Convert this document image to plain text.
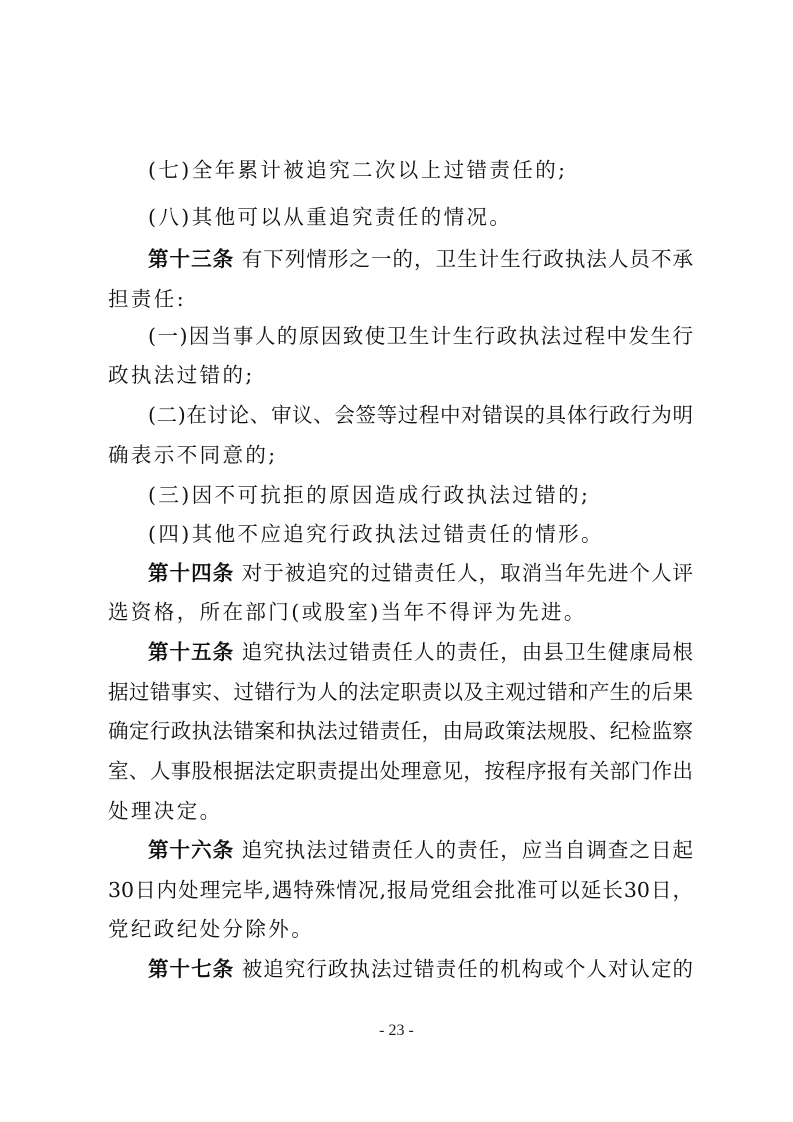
(七)全年累计被追究二次以上过错责任的;
(八)其他可以从重追究责任的情况。
第十三条 有下列情形之一的，卫生计生行政执法人员不承
担责任:
(一)因当事人的原因致使卫生计生行政执法过程中发生行
政执法过错的;
(二)在讨论、审议、会签等过程中对错误的具体行政行为明
确表示不同意的;
(三)因不可抗拒的原因造成行政执法过错的;
(四)其他不应追究行政执法过错责任的情形。
第十四条 对于被追究的过错责任人，取消当年先进个人评
选资格，所在部门(或股室)当年不得评为先进。
第十五条 追究执法过错责任人的责任，由县卫生健康局根
据过错事实、过错行为人的法定职责以及主观过错和产生的后果
确定行政执法错案和执法过错责任，由局政策法规股、纪检监察
室、人事股根据法定职责提出处理意见，按程序报有关部门作出
处理决定。
第十六条 追究执法过错责任人的责任，应当自调查之日起
30日内处理完毕,遇特殊情况,报局党组会批准可以延长30日，
党纪政纪处分除外。
第十七条 被追究行政执法过错责任的机构或个人对认定的
- 23 -
